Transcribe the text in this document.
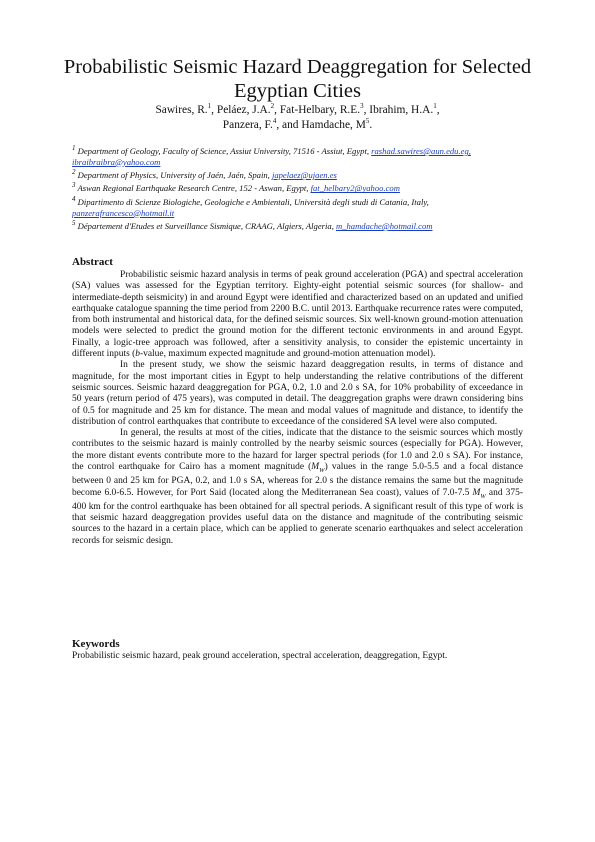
Probabilistic Seismic Hazard Deaggregation for Selected Egyptian Cities
Sawires, R.$^1$, Peláez, J.A.$^2$, Fat-Helbary, R.E.$^3$, Ibrahim, H.A.$^1$,
Panzera, F.$^4$, and Hamdache, $M^5$.
$^1$ Department of Geology, Faculty of Science, Assiut University, 71516 - Assiut, Egypt, rashad.sawires@aun.edu.eg, ibraibraibra@yahoo.com
$^2$ Department of Physics, University of Jaén, Jaén, Spain, japelaez@ujaen.es
$^3$ Aswan Regional Earthquake Research Centre, 152 - Aswan, Egypt, fat_helbary2@yahoo.com
$^4$ Dipartimento di Scienze Biologiche, Geologiche e Ambientali, Università degli studi di Catania, Italy, panzerafrancesco@hotmail.it
$^5$ Département d'Etudes et Surveillance Sismique, CRAAG, Algiers, Algeria, m_hamdache@hotmail.com
Abstract

Probabilistic seismic hazard analysis in terms of peak ground acceleration (PGA) and spectral acceleration (SA) values was assessed for the Egyptian territory. Eighty-eight potential seismic sources (for shallow- and intermediate-depth seismicity) in and around Egypt were identified and characterized based on an updated and unified earthquake catalogue spanning the time period from 2200 B.C. until 2013. Earthquake recurrence rates were computed, from both instrumental and historical data, for the defined seismic sources. Six well-known ground-motion attenuation models were selected to predict the ground motion for the different tectonic environments in and around Egypt. Finally, a logic-tree approach was followed, after a sensitivity analysis, to consider the epistemic uncertainty in different inputs (b-value, maximum expected magnitude and ground-motion attenuation model).

In the present study, we show the seismic hazard deaggregation results, in terms of distance and magnitude, for the most important cities in Egypt to help understanding the relative contributions of the different seismic sources. Seismic hazard deaggregation for PGA, 0.2, 1.0 and 2.0 s SA, for 10% probability of exceedance in 50 years (return period of 475 years), was computed in detail. The deaggregation graphs were drawn considering bins of 0.5 for magnitude and 25 km for distance. The mean and modal values of magnitude and distance, to identify the distribution of control earthquakes that contribute to exceedance of the considered SA level were also computed.

In general, the results at most of the cities, indicate that the distance to the seismic sources which mostly contributes to the seismic hazard is mainly controlled by the nearby seismic sources (especially for PGA). However, the more distant events contribute more to the hazard for larger spectral periods (for 1.0 and 2.0 s SA). For instance, the control earthquake for Cairo has a moment magnitude $(M_W)$ values in the range 5.0-5.5 and a focal distance between 0 and 25 km for PGA, 0.2, and 1.0 s SA, whereas for 2.0 s the distance remains the same but the magnitude become 6.0-6.5. However, for Port Said (located along the Mediterranean Sea coast), values of 7.0-7.5 $M_W$ and 375-400 km for the control earthquake has been obtained for all spectral periods. A significant result of this type of work is that seismic hazard deaggregation provides useful data on the distance and magnitude of the contributing seismic sources to the hazard in a certain place, which can be applied to generate scenario earthquakes and select acceleration records for seismic design.

Keywords
Probabilistic seismic hazard, peak ground acceleration, spectral acceleration, deaggregation, Egypt.
